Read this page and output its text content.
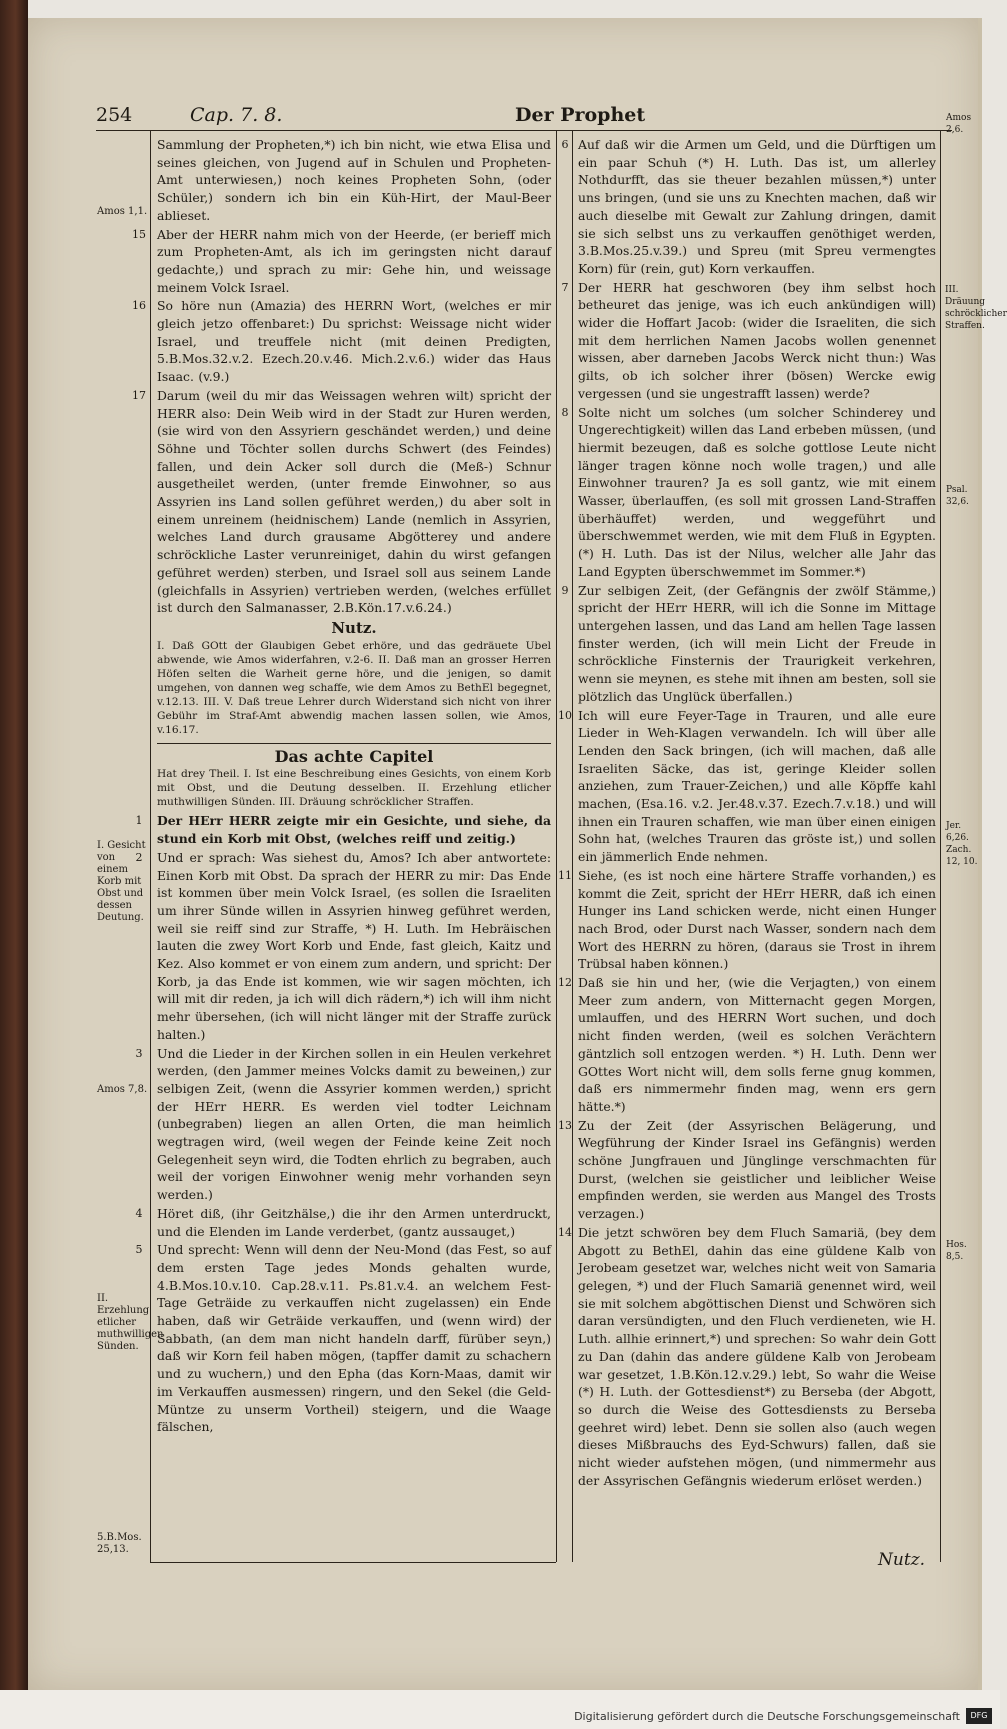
254	Cap. 7. 8.	Der Prophet

Sammlung der Propheten,*) ich bin nicht, wie etwa Elisa und seines gleichen, von Jugend auf in Schulen und Propheten-Amt unterwiesen,) noch keines Propheten Sohn, (oder Schüler,) sondern ich bin ein Küh-Hirt, der Maul-Beer ablieset.

15 Aber der HERR nahm mich von der Heerde, (er berieff mich zum Propheten-Amt, als ich im geringsten nicht darauf gedachte,) und sprach zu mir: Gehe hin, und weissage meinem Volck Israel.

16 So höre nun (Amazia) des HERRN Wort, (welches er mir gleich jetzo offenbaret:) Du sprichst: Weissage nicht wider Israel, und treuffele nicht (mit deinen Predigten, 5.B.Mos.32.v.2. Ezech.20.v.46. Mich.2.v.6.) wider das Haus Isaac. (v.9.)

17 Darum (weil du mir das Weissagen wehren wilt) spricht der HERR also: Dein Weib wird in der Stadt zur Huren werden, (sie wird von den Assyriern geschändet werden,) und deine Söhne und Töchter sollen durchs Schwert (des Feindes) fallen, und dein Acker soll durch die (Meß-) Schnur ausgetheilet werden, (unter fremde Einwohner, so aus Assyrien ins Land sollen geführet werden,) du aber solt in einem unreinem (heidnischem) Lande (nemlich in Assyrien, welches Land durch grausame Abgötterey und andere schröckliche Laster verunreiniget, dahin du wirst gefangen geführet werden) sterben, und Israel soll aus seinem Lande (gleichfalls in Assyrien) vertrieben werden, (welches erfüllet ist durch den Salmanasser, 2.B.Kön.17.v.6.24.)

Nutz.

I. Daß GOtt der Glaubigen Gebet erhöre, und das gedräuete Ubel abwende, wie Amos widerfahren, v.2-6. II. Daß man an grosser Herren Höfen selten die Warheit gerne höre, und die jenigen, so damit umgehen, von dannen weg schaffe, wie dem Amos zu BethEl begegnet, v.12.13. III. V. Daß treue Lehrer durch Widerstand sich nicht von ihrer Gebühr im Straf-Amt abwendig machen lassen sollen, wie Amos, v.16.17.

Das achte Capitel

Hat drey Theil. I. Ist eine Beschreibung eines Gesichts, von einem Korb mit Obst, und die Deutung desselben. II. Erzehlung etlicher muthwilligen Sünden. III. Dräuung schröcklicher Straffen.

1	Der HErr HERR zeigte mir ein Gesichte, und siehe, da stund ein Korb mit Obst, (welches reiff und zeitig.)

2	Und er sprach: Was siehest du, Amos? Ich aber antwortete: Einen Korb mit Obst. Da sprach der HERR zu mir: Das Ende ist kommen über mein Volck Israel, (es sollen die Israeliten um ihrer Sünde willen in Assyrien hinweg geführet werden, weil sie reiff sind zur Straffe, *) H. Luth. Im Hebräischen lauten die zwey Wort Korb und Ende, fast gleich, Kaitz und Kez. Also kommet er von einem zum andern, und spricht: Der Korb, ja das Ende ist kommen, wie wir sagen möchten, ich will mit dir reden, ja ich will dich rädern,*) ich will ihm nicht mehr übersehen, (ich will nicht länger mit der Straffe zurück halten.)

3	Und die Lieder in der Kirchen sollen in ein Heulen verkehret werden, (den Jammer meines Volcks damit zu beweinen,) zur selbigen Zeit, (wenn die Assyrier kommen werden,) spricht der HErr HERR. Es werden viel todter Leichnam (unbegraben) liegen an allen Orten, die man heimlich wegtragen wird, (weil wegen der Feinde keine Zeit noch Gelegenheit seyn wird, die Todten ehrlich zu begraben, auch weil der vorigen Einwohner wenig mehr vorhanden seyn werden.)

4	Höret diß, (ihr Geitzhälse,) die ihr den Armen unterdruckt, und die Elenden im Lande verderbet, (gantz aussauget,)

5	Und sprecht: Wenn will denn der Neu-Mond (das Fest, so auf dem ersten Tage jedes Monds gehalten wurde, 4.B.Mos.10.v.10. Cap.28.v.11. Ps.81.v.4. an welchem Fest-Tage Geträide zu verkauffen nicht zugelassen) ein Ende haben, daß wir Geträide verkauffen, und (wenn wird) der Sabbath, (an dem man nicht handeln darff, fürüber seyn,) daß wir Korn feil haben mögen, (tapffer damit zu schachern und zu wuchern,) und den Epha (das Korn-Maas, damit wir im Verkauffen ausmessen) ringern, und den Sekel (die Geld-Müntze zu unserm Vortheil) steigern, und die Waage fälschen,

6 Auf daß wir die Armen um Geld, und die Dürftigen um ein paar Schuh (*) H. Luth. Das ist, um allerley Nothdurfft, das sie theuer bezahlen müssen,*) unter uns bringen, (und sie uns zu Knechten machen, daß wir auch dieselbe mit Gewalt zur Zahlung dringen, damit sie sich selbst uns zu verkauffen genöthiget werden, 3.B.Mos.25.v.39.) und Spreu (mit Spreu vermengtes Korn) für (rein, gut) Korn verkauffen.

7 Der HERR hat geschworen (bey ihm selbst hoch betheuret das jenige, was ich euch ankündigen will) wider die Hoffart Jacob: (wider die Israeliten, die sich mit dem herrlichen Namen Jacobs wollen genennet wissen, aber darneben Jacobs Werck nicht thun:) Was gilts, ob ich solcher ihrer (bösen) Wercke ewig vergessen (und sie ungestrafft lassen) werde?

8 Solte nicht um solches (um solcher Schinderey und Ungerechtigkeit) willen das Land erbeben müssen, (und hiermit bezeugen, daß es solche gottlose Leute nicht länger tragen könne noch wolle tragen,) und alle Einwohner trauren? Ja es soll gantz, wie mit einem Wasser, überlauffen, (es soll mit grossen Land-Straffen überhäuffet) werden, und weggeführt und überschwemmet werden, wie mit dem Fluß in Egypten. (*) H. Luth. Das ist der Nilus, welcher alle Jahr das Land Egypten überschwemmet im Sommer.*)

9 Zur selbigen Zeit, (der Gefängnis der zwölf Stämme,) spricht der HErr HERR, will ich die Sonne im Mittage untergehen lassen, und das Land am hellen Tage lassen finster werden, (ich will mein Licht der Freude in schröckliche Finsternis der Traurigkeit verkehren, wenn sie meynen, es stehe mit ihnen am besten, soll sie plötzlich das Unglück überfallen.)

10 Ich will eure Feyer-Tage in Trauren, und alle eure Lieder in Weh-Klagen verwandeln. Ich will über alle Lenden den Sack bringen, (ich will machen, daß alle Israeliten Säcke, das ist, geringe Kleider sollen anziehen, zum Trauer-Zeichen,) und alle Köpffe kahl machen, (Esa.16. v.2. Jer.48.v.37. Ezech.7.v.18.) und will ihnen ein Trauren schaffen, wie man über einen einigen Sohn hat, (welches Trauren das gröste ist,) und sollen ein jämmerlich Ende nehmen.

11 Siehe, (es ist noch eine härtere Straffe vorhanden,) es kommt die Zeit, spricht der HErr HERR, daß ich einen Hunger ins Land schicken werde, nicht einen Hunger nach Brod, oder Durst nach Wasser, sondern nach dem Wort des HERRN zu hören, (daraus sie Trost in ihrem Trübsal haben können.)

12 Daß sie hin und her, (wie die Verjagten,) von einem Meer zum andern, von Mitternacht gegen Morgen, umlauffen, und des HERRN Wort suchen, und doch nicht finden werden, (weil es solchen Verächtern gäntzlich soll entzogen werden. *) H. Luth. Denn wer GOttes Wort nicht will, dem solls ferne gnug kommen, daß ers nimmermehr finden mag, wenn ers gern hätte.*)

13 Zu der Zeit (der Assyrischen Belägerung, und Wegführung der Kinder Israel ins Gefängnis) werden schöne Jungfrauen und Jünglinge verschmachten für Durst, (welchen sie geistlicher und leiblicher Weise empfinden werden, sie werden aus Mangel des Trosts verzagen.)

14 Die jetzt schwören bey dem Fluch Samariä, (bey dem Abgott zu BethEl, dahin das eine güldene Kalb von Jerobeam gesetzet war, welches nicht weit von Samaria gelegen, *) und der Fluch Samariä genennet wird, weil sie mit solchem abgöttischen Dienst und Schwören sich daran versündigten, und den Fluch verdieneten, wie H. Luth. allhie erinnert,*) und sprechen: So wahr dein Gott zu Dan (dahin das andere güldene Kalb von Jerobeam war gesetzet, 1.B.Kön.12.v.29.) lebt, So wahr die Weise (*) H. Luth. der Gottesdienst*) zu Berseba (der Abgott, so durch die Weise des Gottesdiensts zu Berseba geehret wird) lebet. Denn sie sollen also (auch wegen dieses Mißbrauchs des Eyd-Schwurs) fallen, daß sie nicht wieder aufstehen mögen, (und nimmermehr aus der Assyrischen Gefängnis wiederum erlöset werden.)

Nutz.
Amos 1,1.
I. Gesicht von einem Korb mit Obst und dessen Deutung.
Amos 7,8.
II. Erzehlung etlicher muthwilligen Sünden.
5.B.Mos. 25,13.
Amos 2,6.
III. Dräuung schröcklicher Straffen.
Psal. 32,6.
Jer. 6,26. Zach. 12, 10.
Hos. 8,5.
Digitalisierung gefördert durch die Deutsche Forschungsgemeinschaft	DFG
